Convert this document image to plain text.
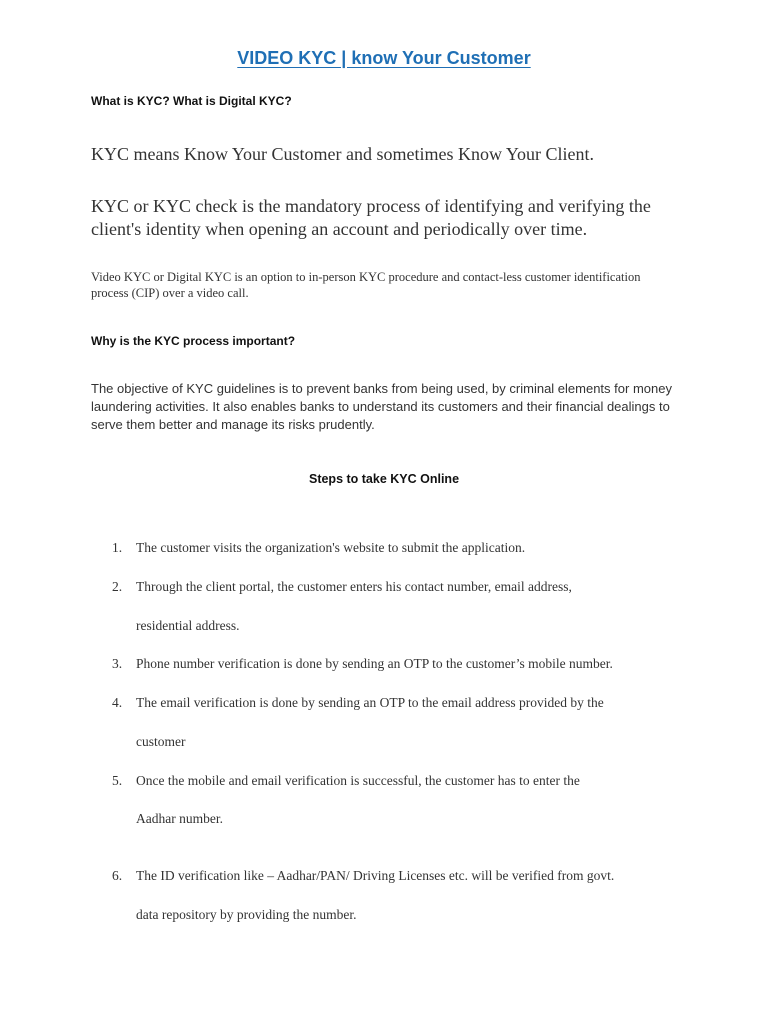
VIDEO KYC | know Your Customer
What is KYC? What is Digital KYC?
KYC means Know Your Customer and sometimes Know Your Client.
KYC or KYC check is the mandatory process of identifying and verifying the client's identity when opening an account and periodically over time.
Video KYC or Digital KYC is an option to in-person KYC procedure and contact-less customer identification process (CIP) over a video call.
Why is the KYC process important?
The objective of KYC guidelines is to prevent banks from being used, by criminal elements for money laundering activities. It also enables banks to understand its customers and their financial dealings to serve them better and manage its risks prudently.
Steps to take KYC Online
1. The customer visits the organization's website to submit the application.
2. Through the client portal, the customer enters his contact number, email address,
residential address.
3. Phone number verification is done by sending an OTP to the customer’s mobile number.
4. The email verification is done by sending an OTP to the email address provided by the
customer
5. Once the mobile and email verification is successful, the customer has to enter the
Aadhar number.
6. The ID verification like – Aadhar/PAN/ Driving Licenses etc. will be verified from govt.
data repository by providing the number.
